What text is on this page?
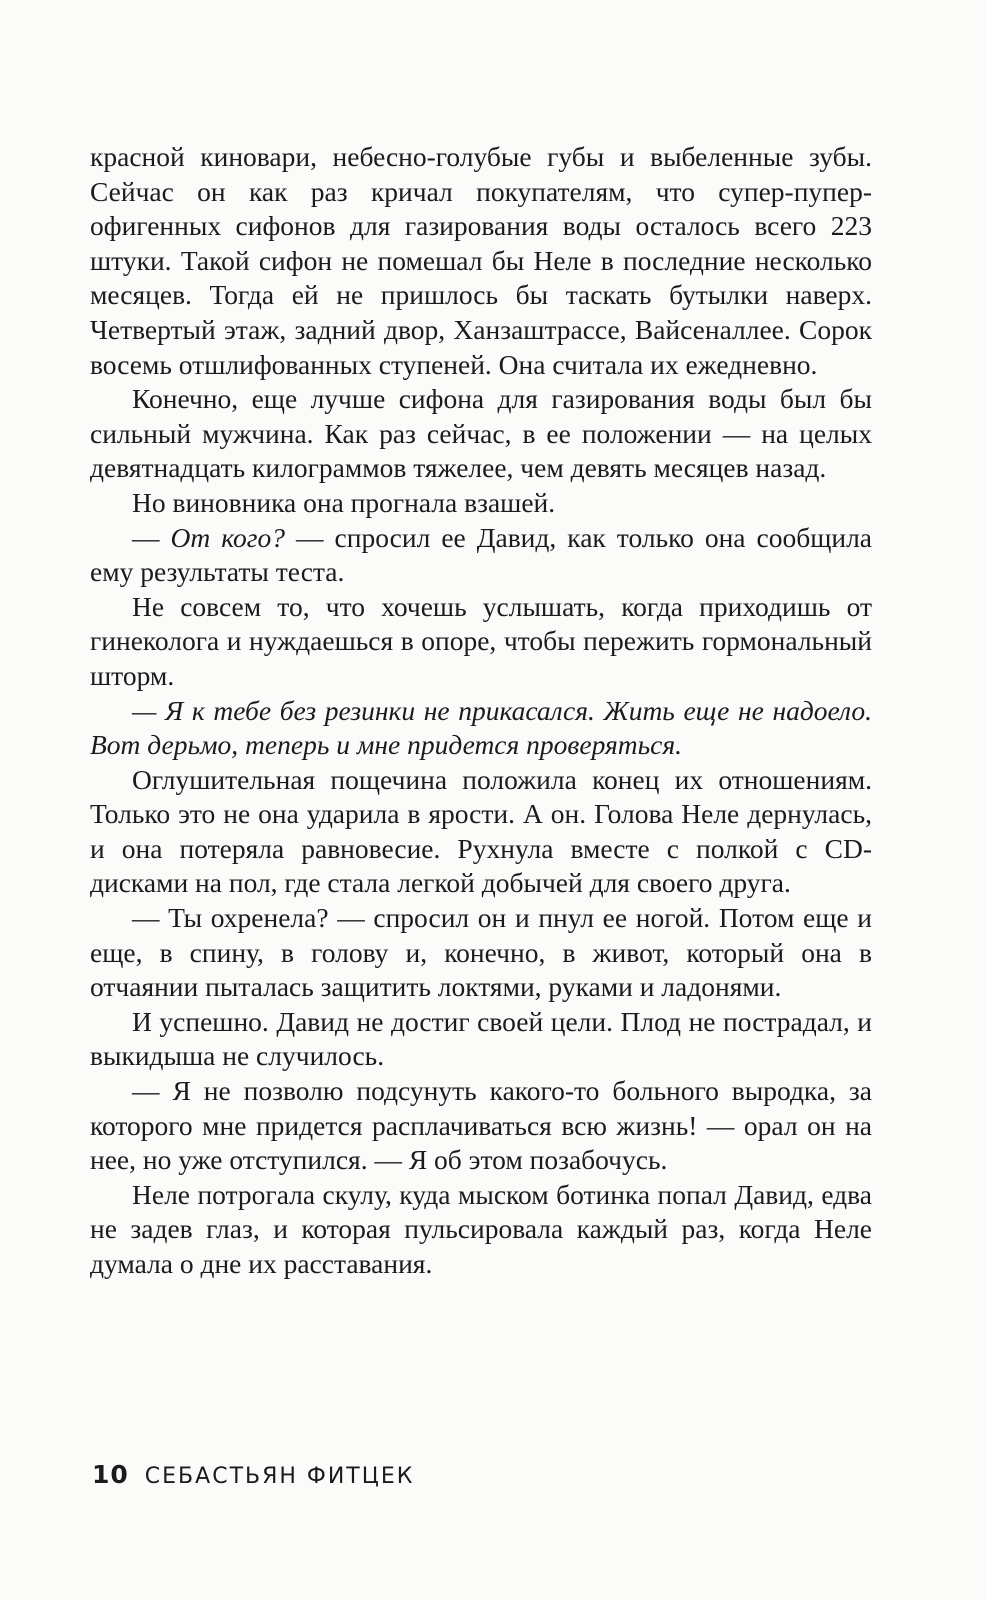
красной киновари, небесно-голубые губы и выбеленные зубы. Сейчас он как раз кричал покупателям, что супер-пупер-офигенных сифонов для газирования воды осталось всего 223 штуки. Такой сифон не помешал бы Неле в последние несколько месяцев. Тогда ей не пришлось бы таскать бутылки наверх. Четвертый этаж, задний двор, Ханзаштрассе, Вайсеналлее. Сорок восемь отшлифованных ступеней. Она считала их ежедневно.

Конечно, еще лучше сифона для газирования воды был бы сильный мужчина. Как раз сейчас, в ее положении — на целых девятнадцать килограммов тяжелее, чем девять месяцев назад.

Но виновника она прогнала взашей.

— От кого? — спросил ее Давид, как только она сообщила ему результаты теста.

Не совсем то, что хочешь услышать, когда приходишь от гинеколога и нуждаешься в опоре, чтобы пережить гормональный шторм.

— Я к тебе без резинки не прикасался. Жить еще не надоело. Вот дерьмо, теперь и мне придется проверяться.

Оглушительная пощечина положила конец их отношениям. Только это не она ударила в ярости. А он. Голова Неле дернулась, и она потеряла равновесие. Рухнула вместе с полкой с CD-дисками на пол, где стала легкой добычей для своего друга.

— Ты охренела? — спросил он и пнул ее ногой. Потом еще и еще, в спину, в голову и, конечно, в живот, который она в отчаянии пыталась защитить локтями, руками и ладонями.

И успешно. Давид не достиг своей цели. Плод не пострадал, и выкидыша не случилось.

— Я не позволю подсунуть какого-то больного выродка, за которого мне придется расплачиваться всю жизнь! — орал он на нее, но уже отступился. — Я об этом позабочусь.

Неле потрогала скулу, куда мыском ботинка попал Давид, едва не задев глаз, и которая пульсировала каждый раз, когда Неле думала о дне их расставания.

10 СЕБАСТЬЯН ФИТЦЕК
